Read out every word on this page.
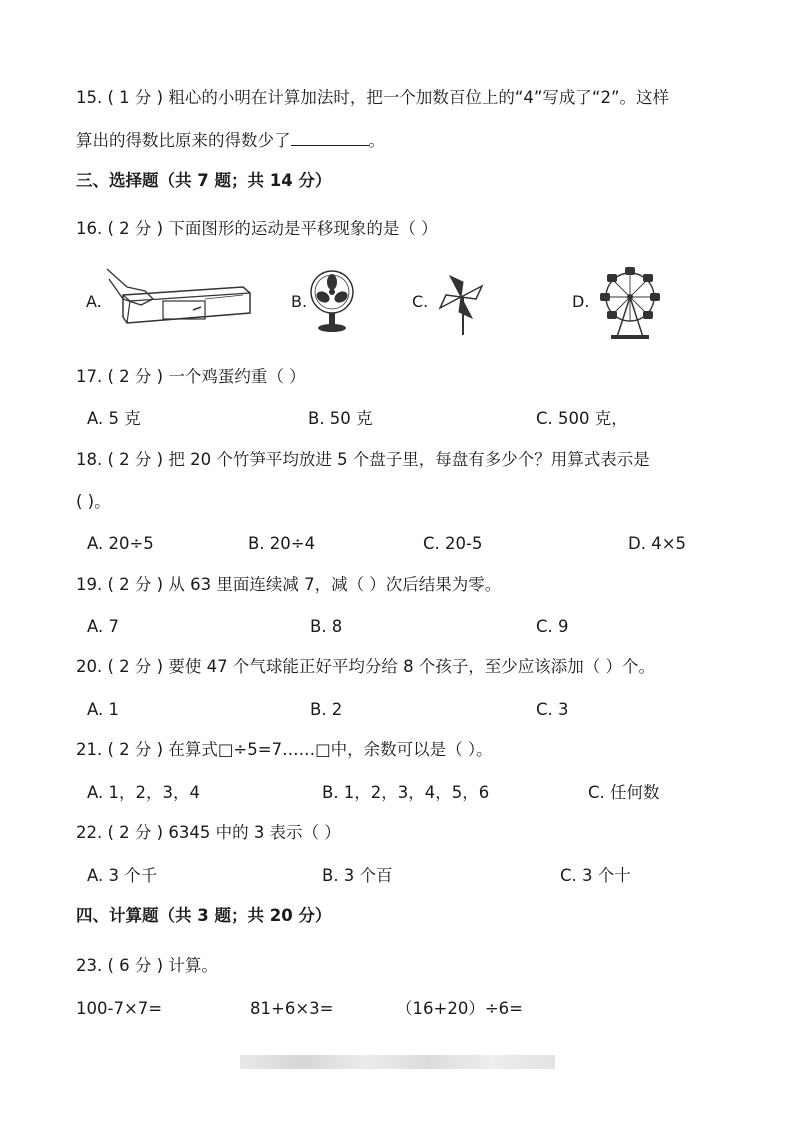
15. ( 1 分 ) 粗心的小明在计算加法时，把一个加数百位上的“4”写成了“2”。这样
算出的得数比原来的得数少了	。
三、选择题（共 7 题；共 14 分）
16. ( 2 分 ) 下面图形的运动是平移现象的是（ ）
A.	B.	C.	D.
17. ( 2 分 ) 一个鸡蛋约重（ ）
A. 5 克	B. 50 克	C. 500 克，
18. ( 2 分 ) 把 20 个竹笋平均放进 5 个盘子里，每盘有多少个？用算式表示是
( )。
A. 20÷5	B. 20÷4	C. 20-5	D. 4×5
19. ( 2 分 ) 从 63 里面连续减 7，减（ ）次后结果为零。
A. 7	B. 8	C. 9
20. ( 2 分 ) 要使 47 个气球能正好平均分给 8 个孩子，至少应该添加（ ）个。
A. 1	B. 2	C. 3
21. ( 2 分 ) 在算式□÷5=7……□中，余数可以是（ ）。
A. 1，2，3，4	B. 1，2，3，4，5，6	C. 任何数
22. ( 2 分 ) 6345 中的 3 表示（ ）
A. 3 个千	B. 3 个百	C. 3 个十
四、计算题（共 3 题；共 20 分）
23. ( 6 分 ) 计算。
100-7×7=	81+6×3=	（16+20）÷6=
